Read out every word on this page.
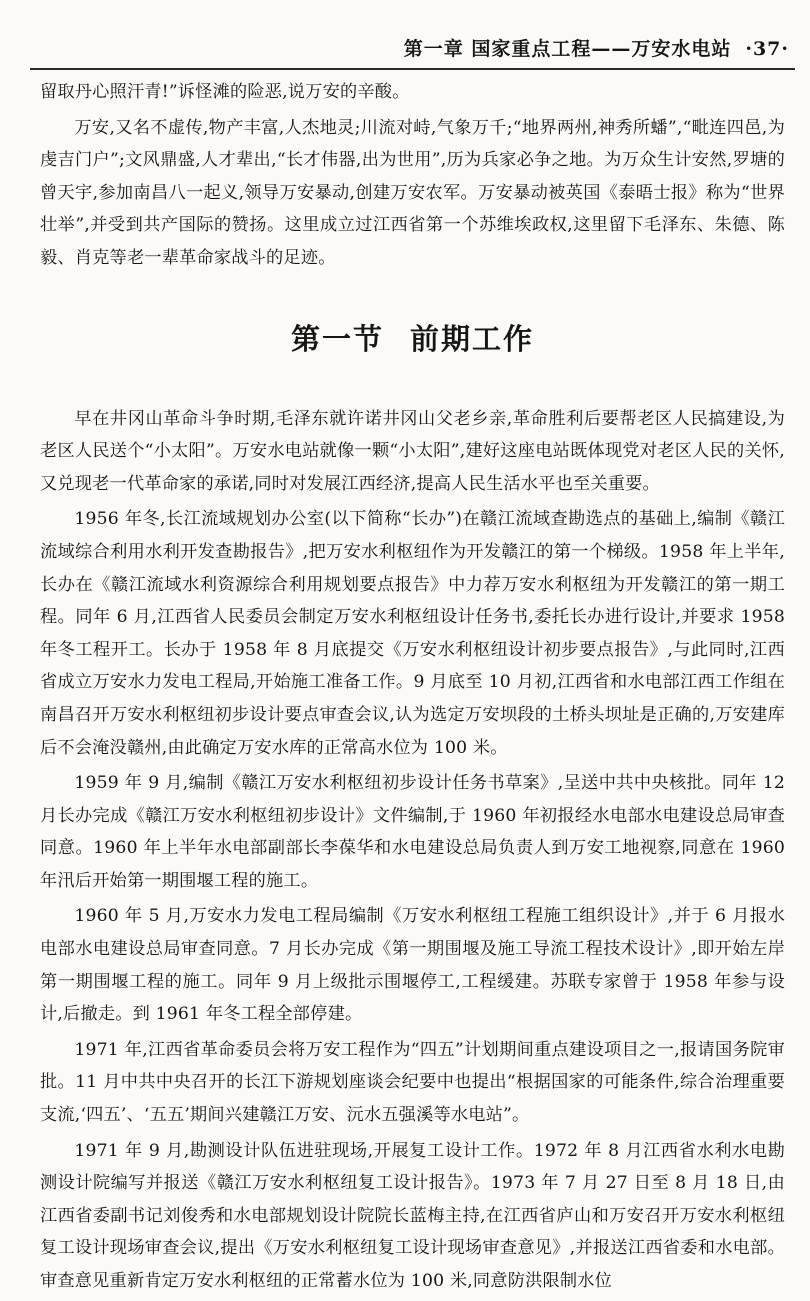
第一章 国家重点工程——万安水电站 ·37·

留取丹心照汗青!”诉怪滩的险恶,说万安的辛酸。

万安,又名不虚传,物产丰富,人杰地灵;川流对峙,气象万千;“地界两州,神秀所蟠”,“毗连四邑,为虔吉门户”;文风鼎盛,人才辈出,“长才伟器,出为世用”,历为兵家必争之地。为万众生计安然,罗塘的曾天宇,参加南昌八一起义,领导万安暴动,创建万安农军。万安暴动被英国《泰晤士报》称为“世界壮举”,并受到共产国际的赞扬。这里成立过江西省第一个苏维埃政权,这里留下毛泽东、朱德、陈毅、肖克等老一辈革命家战斗的足迹。

第一节 前期工作

早在井冈山革命斗争时期,毛泽东就许诺井冈山父老乡亲,革命胜利后要帮老区人民搞建设,为老区人民送个“小太阳”。万安水电站就像一颗“小太阳”,建好这座电站既体现党对老区人民的关怀,又兑现老一代革命家的承诺,同时对发展江西经济,提高人民生活水平也至关重要。

1956 年冬,长江流域规划办公室(以下简称“长办”)在赣江流域查勘选点的基础上,编制《赣江流域综合利用水利开发查勘报告》,把万安水利枢纽作为开发赣江的第一个梯级。1958 年上半年,长办在《赣江流域水利资源综合利用规划要点报告》中力荐万安水利枢纽为开发赣江的第一期工程。同年 6 月,江西省人民委员会制定万安水利枢纽设计任务书,委托长办进行设计,并要求 1958 年冬工程开工。长办于 1958 年 8 月底提交《万安水利枢纽设计初步要点报告》,与此同时,江西省成立万安水力发电工程局,开始施工准备工作。9 月底至 10 月初,江西省和水电部江西工作组在南昌召开万安水利枢纽初步设计要点审查会议,认为选定万安坝段的土桥头坝址是正确的,万安建库后不会淹没赣州,由此确定万安水库的正常高水位为 100 米。

1959 年 9 月,编制《赣江万安水利枢纽初步设计任务书草案》,呈送中共中央核批。同年 12 月长办完成《赣江万安水利枢纽初步设计》文件编制,于 1960 年初报经水电部水电建设总局审查同意。1960 年上半年水电部副部长李葆华和水电建设总局负责人到万安工地视察,同意在 1960 年汛后开始第一期围堰工程的施工。

1960 年 5 月,万安水力发电工程局编制《万安水利枢纽工程施工组织设计》,并于 6 月报水电部水电建设总局审查同意。7 月长办完成《第一期围堰及施工导流工程技术设计》,即开始左岸第一期围堰工程的施工。同年 9 月上级批示围堰停工,工程缓建。苏联专家曾于 1958 年参与设计,后撤走。到 1961 年冬工程全部停建。

1971 年,江西省革命委员会将万安工程作为“四五”计划期间重点建设项目之一,报请国务院审批。11 月中共中央召开的长江下游规划座谈会纪要中也提出“根据国家的可能条件,综合治理重要支流,‘四五’、‘五五’期间兴建赣江万安、沅水五强溪等水电站”。

1971 年 9 月,勘测设计队伍进驻现场,开展复工设计工作。1972 年 8 月江西省水利水电勘测设计院编写并报送《赣江万安水利枢纽复工设计报告》。1973 年 7 月 27 日至 8 月 18 日,由江西省委副书记刘俊秀和水电部规划设计院院长蓝梅主持,在江西省庐山和万安召开万安水利枢纽复工设计现场审查会议,提出《万安水利枢纽复工设计现场审查意见》,并报送江西省委和水电部。审查意见重新肯定万安水利枢纽的正常蓄水位为 100 米,同意防洪限制水位
